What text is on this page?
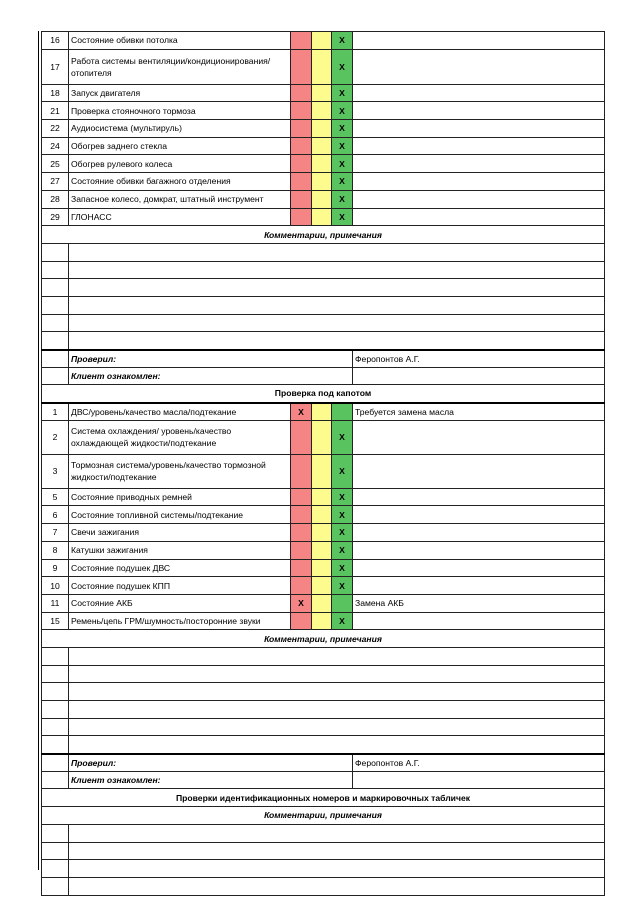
16	Состояние обивки потолка			X	
17	Работа системы вентиляции/кондиционирования/ отопителя			X	
18	Запуск двигателя			X	
21	Проверка стояночного тормоза			X	
22	Аудиосистема (мультируль)			X	
24	Обогрев заднего стекла			X	
25	Обогрев рулевого колеса			X	
27	Состояние обивки багажного отделения			X	
28	Запасное колесо, домкрат, штатный инструмент			X	
29	ГЛОНАСС			X	
Комментарии, примечания					

	Проверил:				Феропонтов А.Г.
	Клиент ознакомлен:				
Проверка под капотом					
1	ДВС/уровень/качество масла/подтекание	X			Требуется замена масла
2	Система охлаждения/ уровень/качество охлаждающей жидкости/подтекание			X	
3	Тормозная система/уровень/качество тормозной жидкости/подтекание			X	
5	Состояние приводных ремней			X	
6	Состояние топливной системы/подтекание			X	
7	Свечи зажигания			X	
8	Катушки зажигания			X	
9	Состояние подушек ДВС			X	
10	Состояние подушек КПП			X	
11	Состояние АКБ	X			Замена АКБ
15	Ремень/цепь ГРМ/шумность/посторонние звуки			X	
Комментарии, примечания					

	Проверил:				Феропонтов А.Г.
	Клиент ознакомлен:				
Проверки идентификационных номеров и маркировочных табличек					
Комментарии, примечания					
